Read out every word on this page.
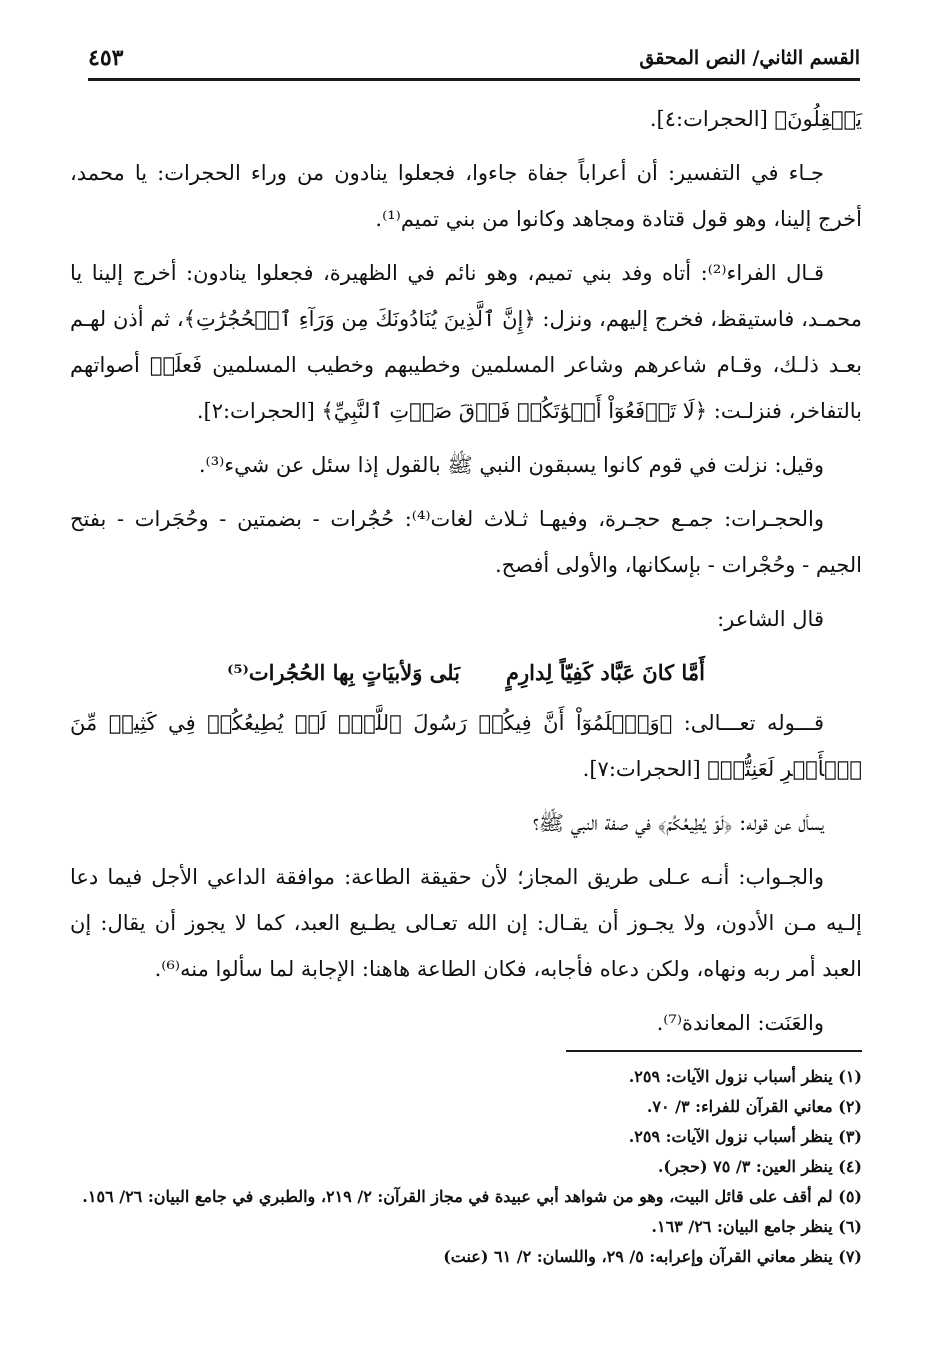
القسم الثاني/ النص المحقق
٤٥٣

يَعۡقِلُونَ﴾ [الحجرات:٤].

جـاء في التفسير: أن أعراباً جفاة جاءوا، فجعلوا ينادون من وراء الحجرات: يا محمد، أخرج إلينا، وهو قول قتادة ومجاهد وكانوا من بني تميم⁽¹⁾.

قـال الفراء⁽²⁾: أتاه وفد بني تميم، وهو نائم في الظهيرة، فجعلوا ينادون: أخرج إلينا يا محمـد، فاستيقظ، فخرج إليهم، ونزل: ﴿إِنَّ ٱلَّذِينَ يُنَادُونَكَ مِن وَرَآءِ ٱلۡحُجُرَٰتِ﴾، ثم أذن لهـم بعـد ذلـك، وقـام شاعرهم وشاعر المسلمين وخطيبهم وخطيب المسلمين فَعلَتۡ أصواتهم بالتفاخر، فنزلـت: ﴿لَا تَرۡفَعُوٓاْ أَصۡوَٰتَكُمۡ فَوۡقَ صَوۡتِ ٱلنَّبِيِّ﴾ [الحجرات:٢].

وقيل: نزلت في قوم كانوا يسبقون النبي ﷺ بالقول إذا سئل عن شيء⁽³⁾.

والحجـرات: جمـع حجـرة، وفيهـا ثـلاث لغات⁽⁴⁾: حُجُرات - بضمتين - وحُجَرات - بفتح الجيم - وحُجْرات - بإسكانها، والأولى أفصح.

قال الشاعر:

أَمَّا كانَ عَبَّاد كَفِيّاً لِدارِمٍ
بَلى وَلأبيَاتٍ بِها الحُجُرات⁽⁵⁾

قـــوله تعـــالى: ﴿وَٱعۡلَمُوٓاْ أَنَّ فِيكُمۡ رَسُولَ ٱللَّهِۚ لَوۡ يُطِيعُكُمۡ فِي كَثِيرٖ مِّنَ ٱلۡأَمۡرِ لَعَنِتُّمۡ﴾ [الحجرات:٧].

يسأل عن قوله: ﴿لَوۡ يُطِيعُكُمۡ﴾ في صفة النبي ﷺ؟

والجـواب: أنـه عـلى طريق المجاز؛ لأن حقيقة الطاعة: موافقة الداعي الأجل فيما دعا إلـيه مـن الأدون، ولا يجـوز أن يقـال: إن الله تعـالى يطـيع العبد، كما لا يجوز أن يقال: إن العبد أمر ربه ونهاه، ولكن دعاه فأجابه، فكان الطاعة هاهنا: الإجابة لما سألوا منه⁽⁶⁾.

والعَنَت: المعاندة⁽⁷⁾.

(١) ينظر أسباب نزول الآيات: ٢٥٩.
(٢) معاني القرآن للفراء: ٣/ ٧٠.
(٣) ينظر أسباب نزول الآيات: ٢٥٩.
(٤) ينظر العين: ٣/ ٧٥ (حجر).
(٥) لم أقف على قائل البيت، وهو من شواهد أبي عبيدة في مجاز القرآن: ٢/ ٢١٩، والطبري في جامع البيان: ٢٦/ ١٥٦.
(٦) ينظر جامع البيان: ٢٦/ ١٦٣.
(٧) ينظر معاني القرآن وإعرابه: ٥/ ٢٩، واللسان: ٢/ ٦١ (عنت)
